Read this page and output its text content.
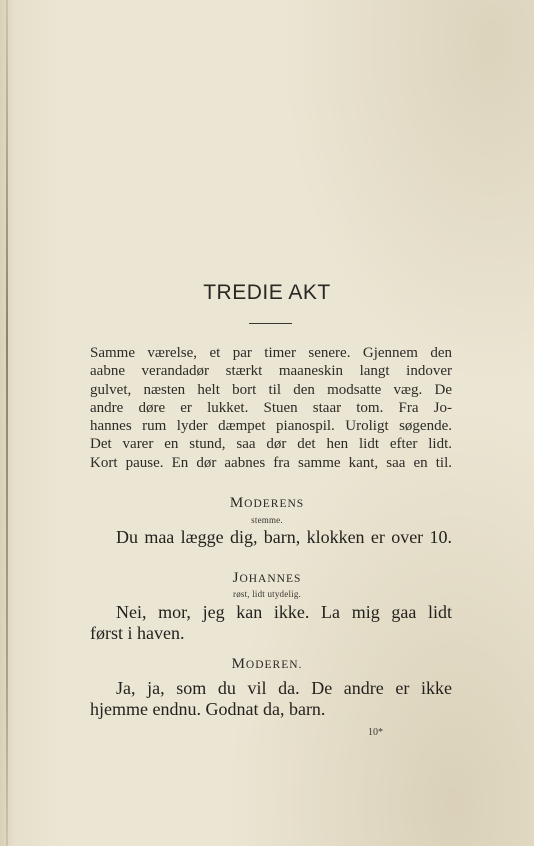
TREDIE AKT
Samme værelse, et par timer senere. Gjennem den
aabne verandadør stærkt maaneskin langt indover
gulvet, næsten helt bort til den modsatte væg. De
andre døre er lukket. Stuen staar tom. Fra Jo-
hannes rum lyder dæmpet pianospil. Uroligt søgende.
Det varer en stund, saa dør det hen lidt efter lidt.
Kort pause. En dør aabnes fra samme kant, saa en til.
MODERENS
stemme.
Du maa lægge dig, barn, klokken er over 10.
JOHANNES
røst, lidt utydelig.
Nei, mor, jeg kan ikke. La mig gaa lidt
først i haven.
MODEREN.
Ja, ja, som du vil da. De andre er ikke
hjemme endnu. Godnat da, barn.
10*
